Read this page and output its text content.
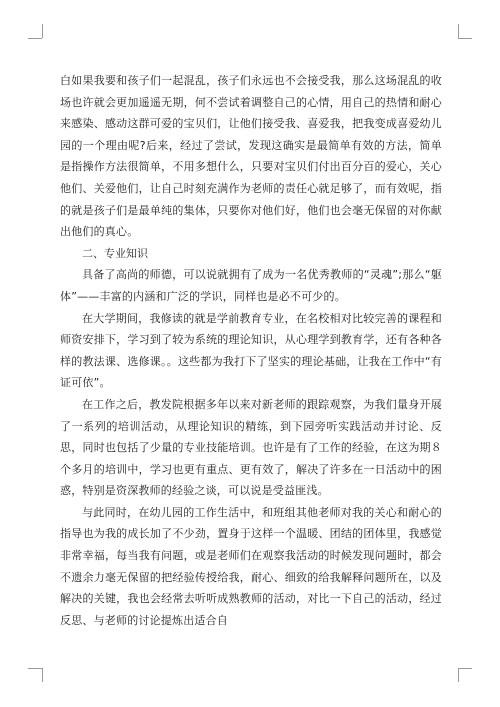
白如果我要和孩子们一起混乱，孩子们永远也不会接受我，那么这场混乱的收场也许就会更加遥遥无期，何不尝试着调整自己的心情，用自己的热情和耐心来感染、感动这群可爱的宝贝们，让他们接受我、喜爱我，把我变成喜爱幼儿园的一个理由呢?后来，经过了尝试，发现这确实是最简单有效的方法，简单是指操作方法很简单，不用多想什么，只要对宝贝们付出百分百的爱心，关心他们、关爱他们，让自己时刻充满作为老师的责任心就足够了，而有效呢，指的就是孩子们是最单纯的集体，只要你对他们好，他们也会毫无保留的对你献出他们的真心。

二、专业知识

具备了高尚的师德，可以说就拥有了成为一名优秀教师的“灵魂”;那么“躯体”——丰富的内涵和广泛的学识，同样也是必不可少的。

在大学期间，我修读的就是学前教育专业，在名校相对比较完善的课程和师资安排下，学习到了较为系统的理论知识，从心理学到教育学，还有各种各样的教法课、选修课。。这些都为我打下了坚实的理论基础，让我在工作中“有证可依”。

在工作之后，教发院根据多年以来对新老师的跟踪观察，为我们量身开展了一系列的培训活动，从理论知识的精练，到下园旁听实践活动并讨论、反思，同时也包括了少量的专业技能培训。也许是有了工作的经验，在这为期８个多月的培训中，学习也更有重点、更有效了，解决了许多在一日活动中的困惑，特别是资深教师的经验之谈，可以说是受益匪浅。

与此同时，在幼儿园的工作生活中，和班组其他老师对我的关心和耐心的指导也为我的成长加了不少劲，置身于这样一个温暖、团结的团体里，我感觉非常幸福，每当我有问题，或是老师们在观察我活动的时候发现问题时，都会不遗余力毫无保留的把经验传授给我，耐心、细致的给我解释问题所在，以及解决的关键，我也会经常去听听成熟教师的活动，对比一下自己的活动，经过反思、与老师的讨论提炼出适合自
